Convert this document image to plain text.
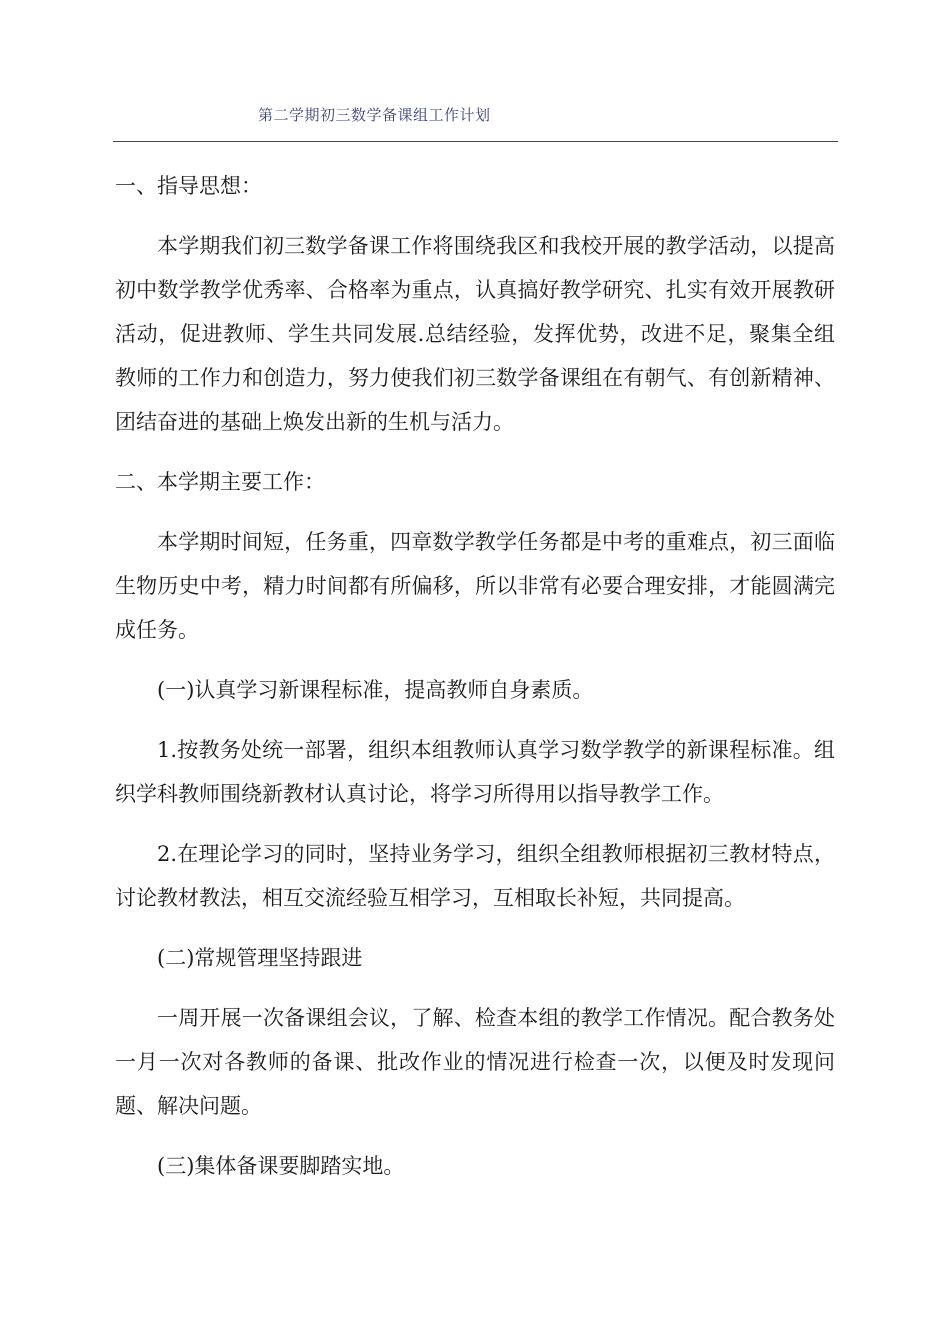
第二学期初三数学备课组工作计划

一、指导思想：

本学期我们初三数学备课工作将围绕我区和我校开展的教学活动，以提高初中数学教学优秀率、合格率为重点，认真搞好教学研究、扎实有效开展教研活动，促进教师、学生共同发展.总结经验，发挥优势，改进不足，聚集全组教师的工作力和创造力，努力使我们初三数学备课组在有朝气、有创新精神、团结奋进的基础上焕发出新的生机与活力。

二、本学期主要工作：

本学期时间短，任务重，四章数学教学任务都是中考的重难点，初三面临生物历史中考，精力时间都有所偏移，所以非常有必要合理安排，才能圆满完成任务。

(一)认真学习新课程标准，提高教师自身素质。

1.按教务处统一部署，组织本组教师认真学习数学教学的新课程标准。组织学科教师围绕新教材认真讨论，将学习所得用以指导教学工作。

2.在理论学习的同时，坚持业务学习，组织全组教师根据初三教材特点，讨论教材教法，相互交流经验互相学习，互相取长补短，共同提高。

(二)常规管理坚持跟进

一周开展一次备课组会议，了解、检查本组的教学工作情况。配合教务处一月一次对各教师的备课、批改作业的情况进行检查一次，以便及时发现问题、解决问题。

(三)集体备课要脚踏实地。
